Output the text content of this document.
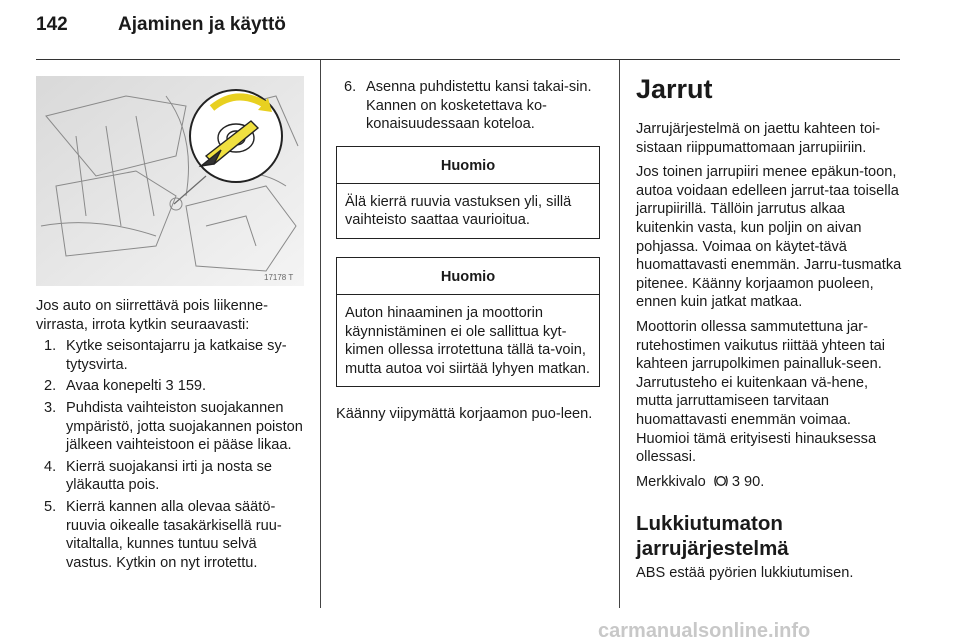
142	Ajaminen ja käyttö
17178 T

Jos auto on siirrettävä pois liikenne-virrasta, irrota kytkin seuraavasti:

1. Kytke seisontajarru ja katkaise sy-tytysvirta.
2. Avaa konepelti 3 159.
3. Puhdista vaihteiston suojakannen ympäristö, jotta suojakannen poiston jälkeen vaihteistoon ei pääse likaa.
4. Kierrä suojakansi irti ja nosta se yläkautta pois.
5. Kierrä kannen alla olevaa säätö-ruuvia oikealle tasakärkisellä ruu-vitaltalla, kunnes tuntuu selvä vastus. Kytkin on nyt irrotettu.
6. Asenna puhdistettu kansi takai-sin. Kannen on kosketettava ko-konaisuudessaan koteloa.
Huomio
Älä kierrä ruuvia vastuksen yli, sillä vaihteisto saattaa vaurioitua.
Huomio
Auton hinaaminen ja moottorin käynnistäminen ei ole sallittua kyt-kimen ollessa irrotettuna tällä ta-voin, mutta autoa voi siirtää lyhyen matkan.

Käänny viipymättä korjaamon puo-leen.

Jarrut

Jarrujärjestelmä on jaettu kahteen toi-sistaan riippumattomaan jarrupiiriin.

Jos toinen jarrupiiri menee epäkun-toon, autoa voidaan edelleen jarrut-taa toisella jarrupiirillä. Tällöin jarrutus alkaa kuitenkin vasta, kun poljin on aivan pohjassa. Voimaa on käytet-tävä huomattavasti enemmän. Jarru-tusmatka pitenee. Käänny korjaamon puoleen, ennen kuin jatkat matkaa.

Moottorin ollessa sammutettuna jar-rutehostimen vaikutus riittää yhteen tai kahteen jarrupolkimen painalluk-seen. Jarrutusteho ei kuitenkaan vä-hene, mutta jarruttamiseen tarvitaan huomattavasti enemmän voimaa. Huomioi tämä erityisesti hinauksessa ollessasi.

Merkkivalo 3 90.

Lukkiutumaton
jarrujärjestelmä

ABS estää pyörien lukkiutumisen.

carmanualsonline.info
